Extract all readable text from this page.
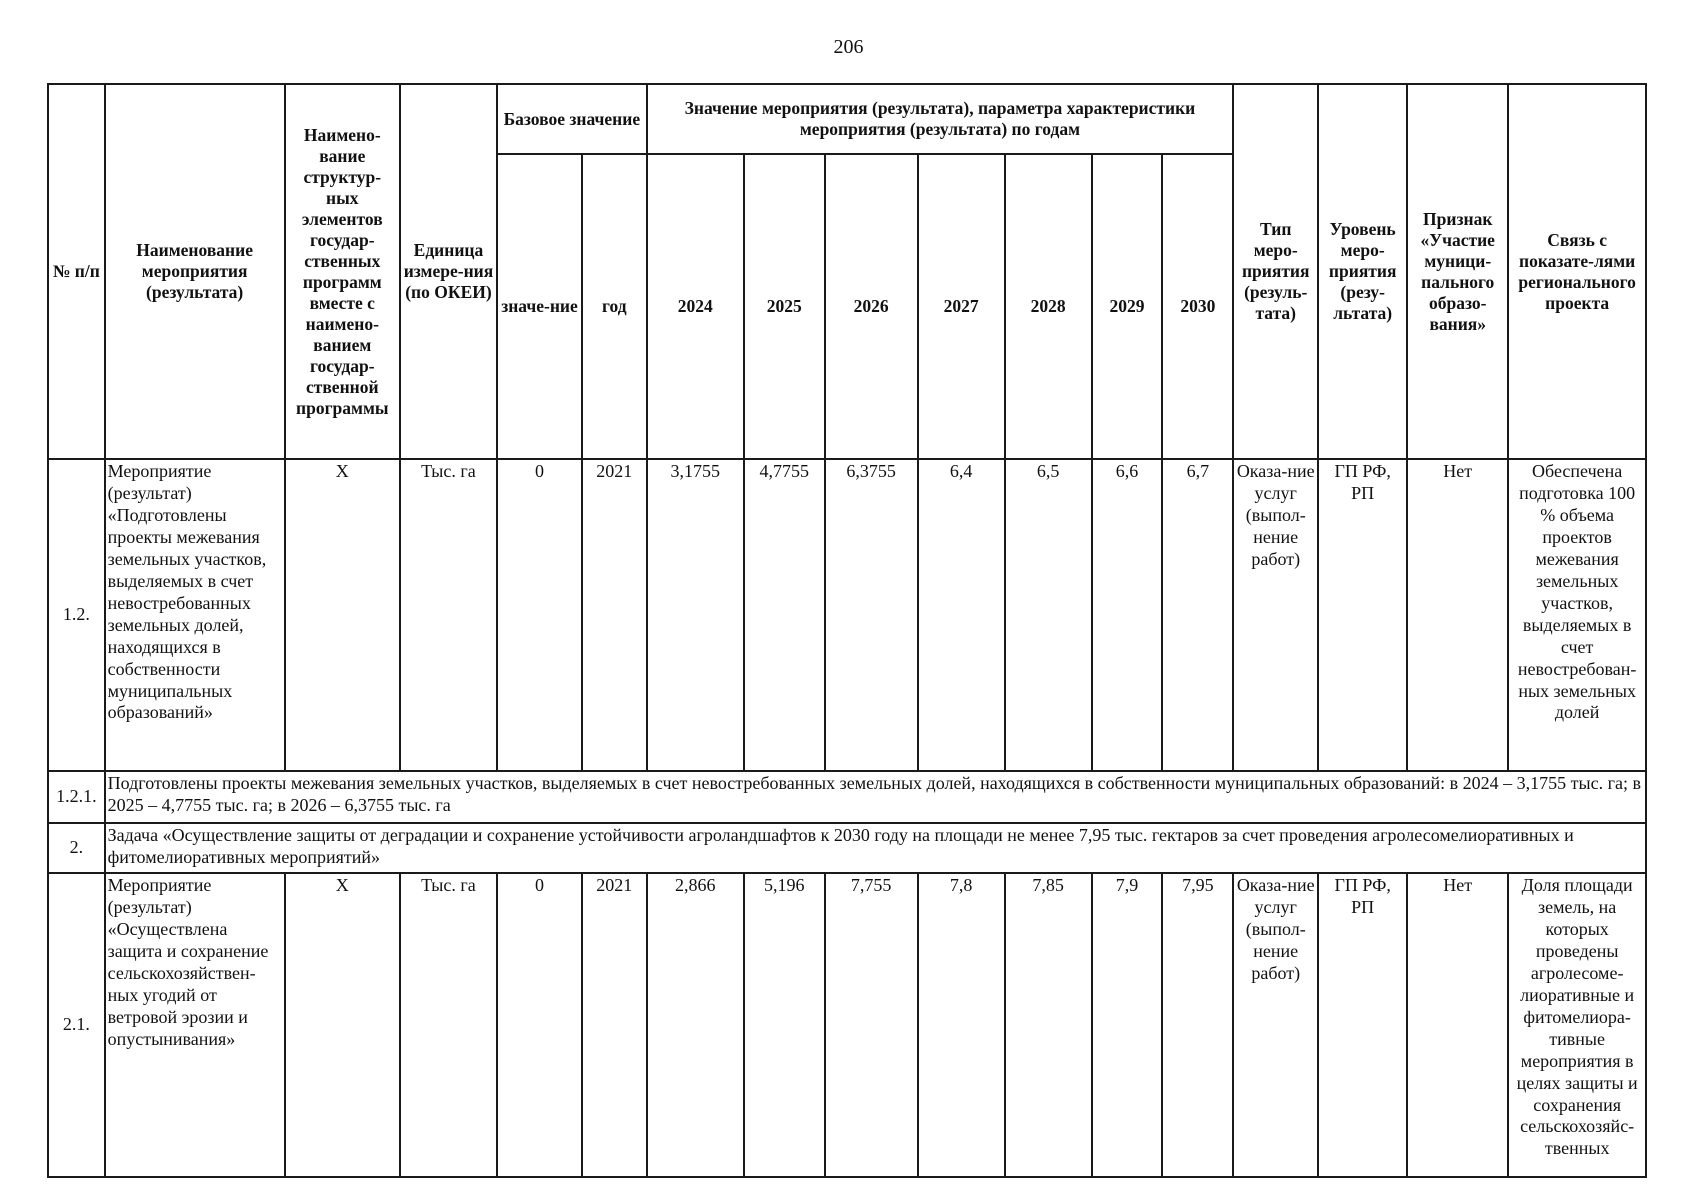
206
№ п/п	Наименование мероприятия (результата)	Наимено-вание структур-ных элементов государ-ственных программ вместе с наимено-ванием государ-ственной программы	Единица измере-ния (по ОКЕИ)	Базовое значение		Значение мероприятия (результата), параметра характеристики мероприятия (результата) по годам							Тип меро-приятия (резуль-тата)	Уровень меро-приятия (резу-льтата)	Признак «Участие муници-пального образо-вания»	Связь с показате-лями регионального проекта
						2024	2025	2026	2027	2028	2029	2030				
				значе-ние	год											
1.2.	Мероприятие (результат) «Подготовлены проекты межевания земельных участков, выделяемых в счет невостребованных земельных долей, находящихся в собственности муниципальных образований»	Х	Тыс. га	0	2021	3,1755	4,7755	6,3755	6,4	6,5	6,6	6,7	Оказа-ние услуг (выпол-нение работ)	ГП РФ, РП	Нет	Обеспечена подготовка 100 % объема проектов межевания земельных участков, выделяемых в счет невостребован-ных земельных долей
1.2.1.	Подготовлены проекты межевания земельных участков, выделяемых в счет невостребованных земельных долей, находящихся в собственности муниципальных образований: в 2024 – 3,1755 тыс. га; в 2025 – 4,7755 тыс. га; в 2026 – 6,3755 тыс. га															
2.	Задача «Осуществление защиты от деградации и сохранение устойчивости агроландшафтов к 2030 году на площади не менее 7,95 тыс. гектаров за счет проведения агролесомелиоративных и фитомелиоративных мероприятий»															
2.1.	Мероприятие (результат) «Осуществлена защита и сохранение сельскохозяйствен-ных угодий от ветровой эрозии и опустынивания»	Х	Тыс. га	0	2021	2,866	5,196	7,755	7,8	7,85	7,9	7,95	Оказа-ние услуг (выпол-нение работ)	ГП РФ, РП	Нет	Доля площади земель, на которых проведены агролесоме-лиоративные и фитомелиора-тивные мероприятия в целях защиты и сохранения сельскохозяйс-твенных
